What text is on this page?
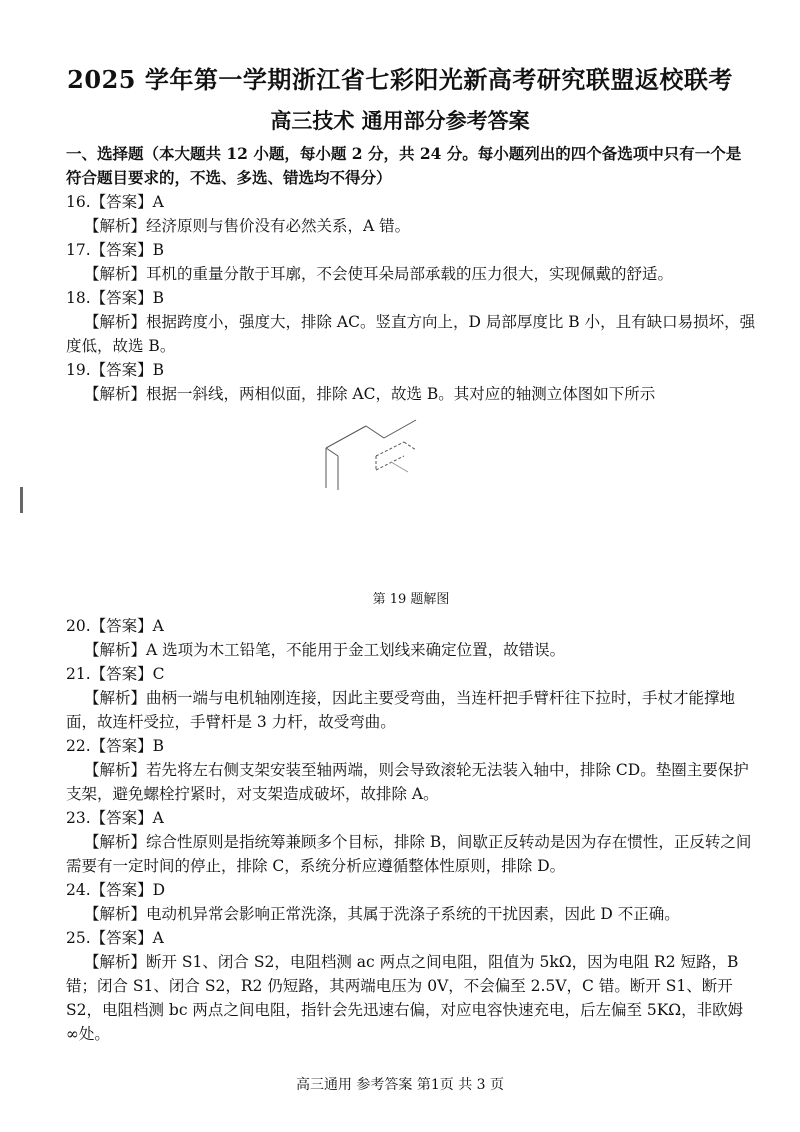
2025 学年第一学期浙江省七彩阳光新高考研究联盟返校联考
高三技术 通用部分参考答案

一、选择题（本大题共 12 小题，每小题 2 分，共 24 分。每小题列出的四个备选项中只有一个是符合题目要求的，不选、多选、错选均不得分）

16.【答案】A

【解析】经济原则与售价没有必然关系，A 错。

17.【答案】B

【解析】耳机的重量分散于耳廓，不会使耳朵局部承载的压力很大，实现佩戴的舒适。

18.【答案】B

【解析】根据跨度小，强度大，排除 AC。竖直方向上，D 局部厚度比 B 小，且有缺口易损坏，强度低，故选 B。

19.【答案】B

【解析】根据一斜线，两相似面，排除 AC，故选 B。其对应的轴测立体图如下所示

第 19 题解图

20.【答案】A

【解析】A 选项为木工铅笔，不能用于金工划线来确定位置，故错误。

21.【答案】C

【解析】曲柄一端与电机轴刚连接，因此主要受弯曲，当连杆把手臂杆往下拉时，手杖才能撑地面，故连杆受拉，手臂杆是 3 力杆，故受弯曲。

22.【答案】B

【解析】若先将左右侧支架安装至轴两端，则会导致滚轮无法装入轴中，排除 CD。垫圈主要保护支架，避免螺栓拧紧时，对支架造成破坏，故排除 A。

23.【答案】A

【解析】综合性原则是指统筹兼顾多个目标，排除 B，间歇正反转动是因为存在惯性，正反转之间需要有一定时间的停止，排除 C，系统分析应遵循整体性原则，排除 D。

24.【答案】D

【解析】电动机异常会影响正常洗涤，其属于洗涤子系统的干扰因素，因此 D 不正确。

25.【答案】A

【解析】断开 S1、闭合 S2，电阻档测 ac 两点之间电阻，阻值为 5kΩ，因为电阻 R2 短路，B 错；闭合 S1、闭合 S2，R2 仍短路，其两端电压为 0V，不会偏至 2.5V，C 错。断开 S1、断开 S2，电阻档测 bc 两点之间电阻，指针会先迅速右偏，对应电容快速充电，后左偏至 5KΩ，非欧姆∞处。

高三通用 参考答案 第1页 共 3 页
